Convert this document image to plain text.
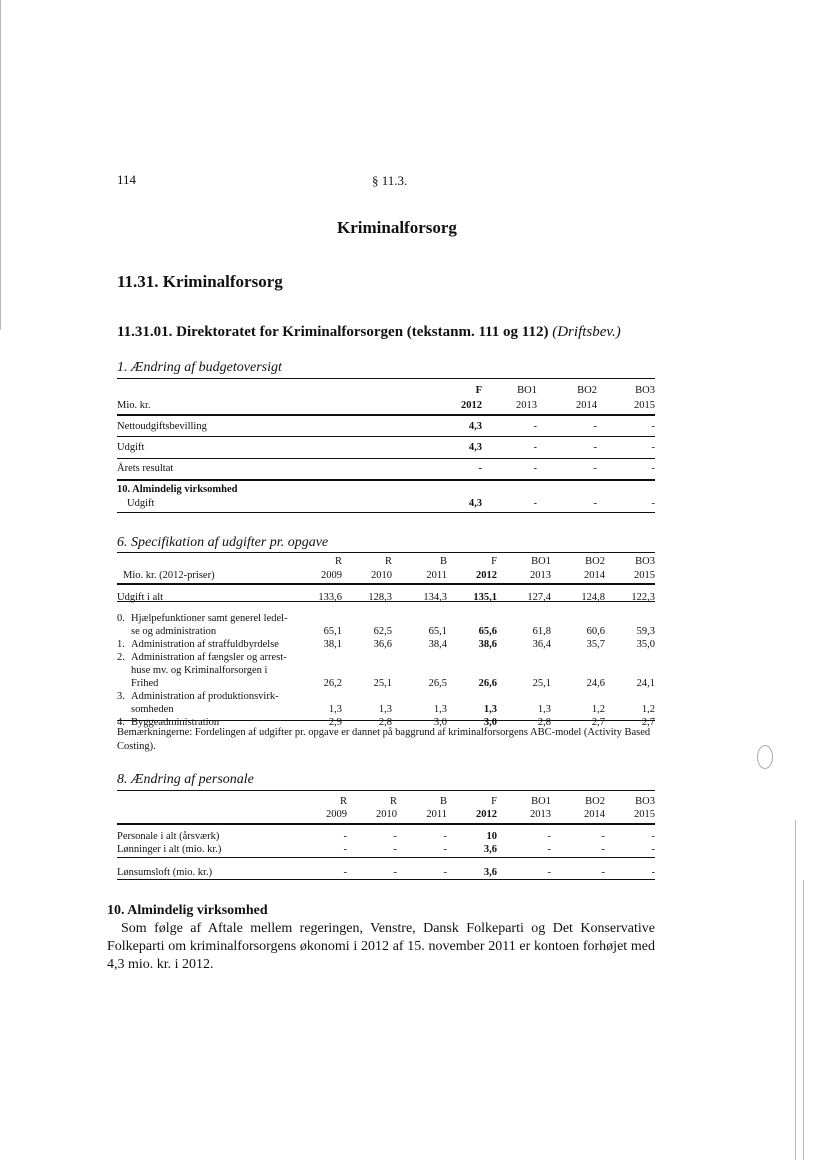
114	§ 11.3.
Kriminalforsorg
11.31. Kriminalforsorg
11.31.01. Direktoratet for Kriminalforsorgen (tekstanm. 111 og 112) (Driftsbev.)
1. Ændring af budgetoversigt
	F	BO1	BO2	BO3
Mio. kr.	2012	2013	2014	2015

Nettoudgiftsbevilling	4,3	-	-	-

Udgift	4,3	-	-	-

Årets resultat	-	-	-	-

10. Almindelig virksomhed				
Udgift	4,3	-	-	-
6. Specifikation af udgifter pr. opgave
		R	R	B	F	BO1	BO2	BO3
Mio. kr. (2012-priser)		2009	2010	2011	2012	2013	2014	2015

Udgift i alt		133,6	128,3	134,3	135,1	127,4	124,8	122,3

0.	Hjælpefunktioner samt generel ledel-							
	se og administration	65,1	62,5	65,1	65,6	61,8	60,6	59,3
1.	Administration af straffuldbyrdelse	38,1	36,6	38,4	38,6	36,4	35,7	35,0
2.	Administration af fængsler og arrest-							
	huse mv. og Kriminalforsorgen i							
	Frihed	26,2	25,1	26,5	26,6	25,1	24,6	24,1
3.	Administration af produktionsvirk-							
	somheden	1,3	1,3	1,3	1,3	1,3	1,2	1,2
4.	Byggeadministration	2,9	2,8	3,0	3,0	2,8	2,7	2,7
Bemærkningerne: Fordelingen af udgifter pr. opgave er dannet på baggrund af kriminalforsorgens ABC-model (Activity Based Costing).
8. Ændring af personale
	R	R	B	F	BO1	BO2	BO3
	2009	2010	2011	2012	2013	2014	2015

Personale i alt (årsværk)	-	-	-	10	-	-	-
Lønninger i alt (mio. kr.)	-	-	-	3,6	-	-	-

Lønsumsloft (mio. kr.)	-	-	-	3,6	-	-	-
10. Almindelig virksomhed
Som følge af Aftale mellem regeringen, Venstre, Dansk Folkeparti og Det Konservative Folkeparti om kriminalforsorgens økonomi i 2012 af 15. november 2011 er kontoen forhøjet med 4,3 mio. kr. i 2012.
